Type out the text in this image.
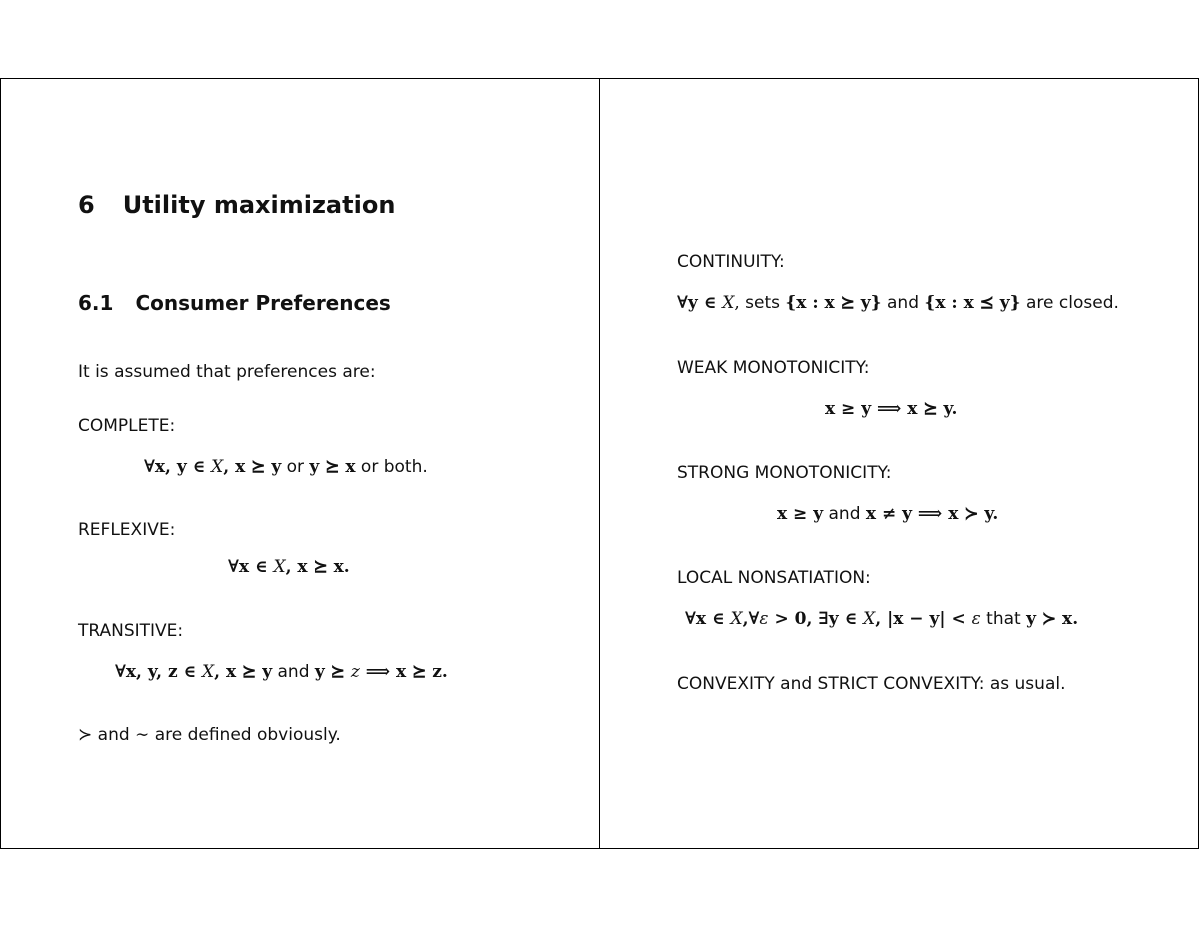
6 Utility maximization
6.1 Consumer Preferences
It is assumed that preferences are:
COMPLETE:
∀x, y ∈ X, x ⪰ y or y ⪰ x or both.
REFLEXIVE:
∀x ∈ X, x ⪰ x.
TRANSITIVE:
∀x, y, z ∈ X, x ⪰ y and y ⪰ z ⟹ x ⪰ z.
≻ and ∼ are defined obviously.
CONTINUITY:
∀y ∈ X, sets {x : x ⪰ y} and {x : x ⪯ y} are closed.
WEAK MONOTONICITY:
x ≥ y ⟹ x ⪰ y.
STRONG MONOTONICITY:
x ≥ y and x ≠ y ⟹ x ≻ y.
LOCAL NONSATIATION:
∀x ∈ X,∀ε > 0, ∃y ∈ X, |x − y| < ε that y ≻ x.
CONVEXITY and STRICT CONVEXITY: as usual.
